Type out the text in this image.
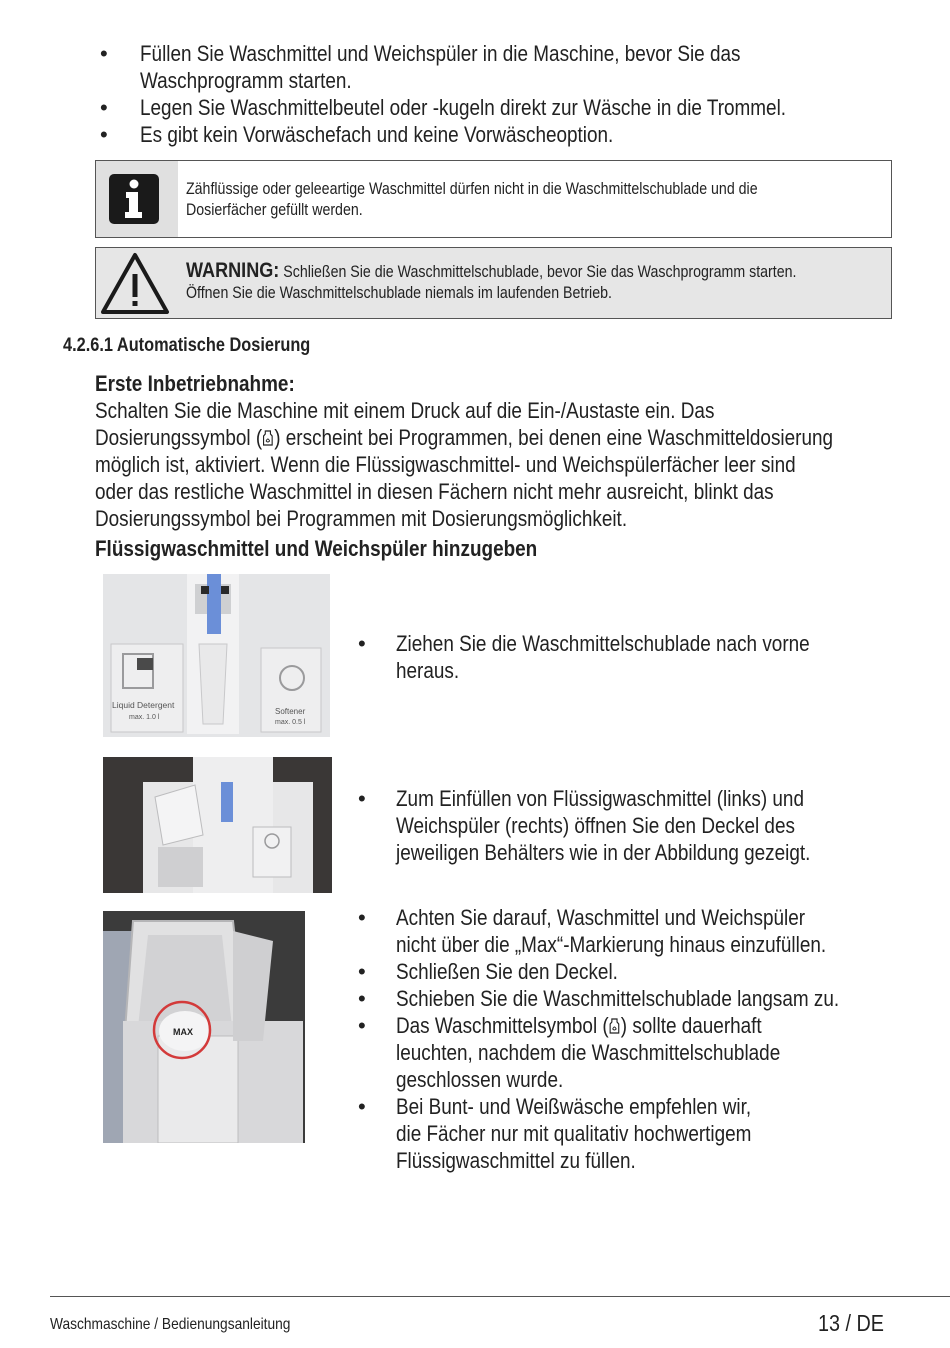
• Füllen Sie Waschmittel und Weichspüler in die Maschine, bevor Sie das
Waschprogramm starten.
• Legen Sie Waschmittelbeutel oder -kugeln direkt zur Wäsche in die Trommel.
• Es gibt kein Vorwäschefach und keine Vorwäscheoption.
Zähflüssige oder geleeartige Waschmittel dürfen nicht in die Waschmittelschublade und die
Dosierfächer gefüllt werden.
WARNING: Schließen Sie die Waschmittelschublade, bevor Sie das Waschprogramm starten.
Öffnen Sie die Waschmittelschublade niemals im laufenden Betrieb.
4.2.6.1 Automatische Dosierung
Erste Inbetriebnahme:
Schalten Sie die Maschine mit einem Druck auf die Ein-/Austaste ein. Das
Dosierungssymbol ( ) erscheint bei Programmen, bei denen eine Waschmitteldosierung
möglich ist, aktiviert. Wenn die Flüssigwaschmittel- und Weichspülerfächer leer sind
oder das restliche Waschmittel in diesen Fächern nicht mehr ausreicht, blinkt das
Dosierungssymbol bei Programmen mit Dosierungsmöglichkeit.
Flüssigwaschmittel und Weichspüler hinzugeben
Liquid Detergent
max. 1.0 l
Softener
max. 0.5 l
• Ziehen Sie die Waschmittelschublade nach vorne
heraus.
• Zum Einfüllen von Flüssigwaschmittel (links) und
Weichspüler (rechts) öffnen Sie den Deckel des
jeweiligen Behälters wie in der Abbildung gezeigt.
MAX
• Achten Sie darauf, Waschmittel und Weichspüler
nicht über die „Max“-Markierung hinaus einzufüllen.
• Schließen Sie den Deckel.
• Schieben Sie die Waschmittelschublade langsam zu.
• Das Waschmittelsymbol ( ) sollte dauerhaft
leuchten, nachdem die Waschmittelschublade
geschlossen wurde.
• Bei Bunt- und Weißwäsche empfehlen wir,
die Fächer nur mit qualitativ hochwertigem
Flüssigwaschmittel zu füllen.
Waschmaschine / Bedienungsanleitung	13 / DE
